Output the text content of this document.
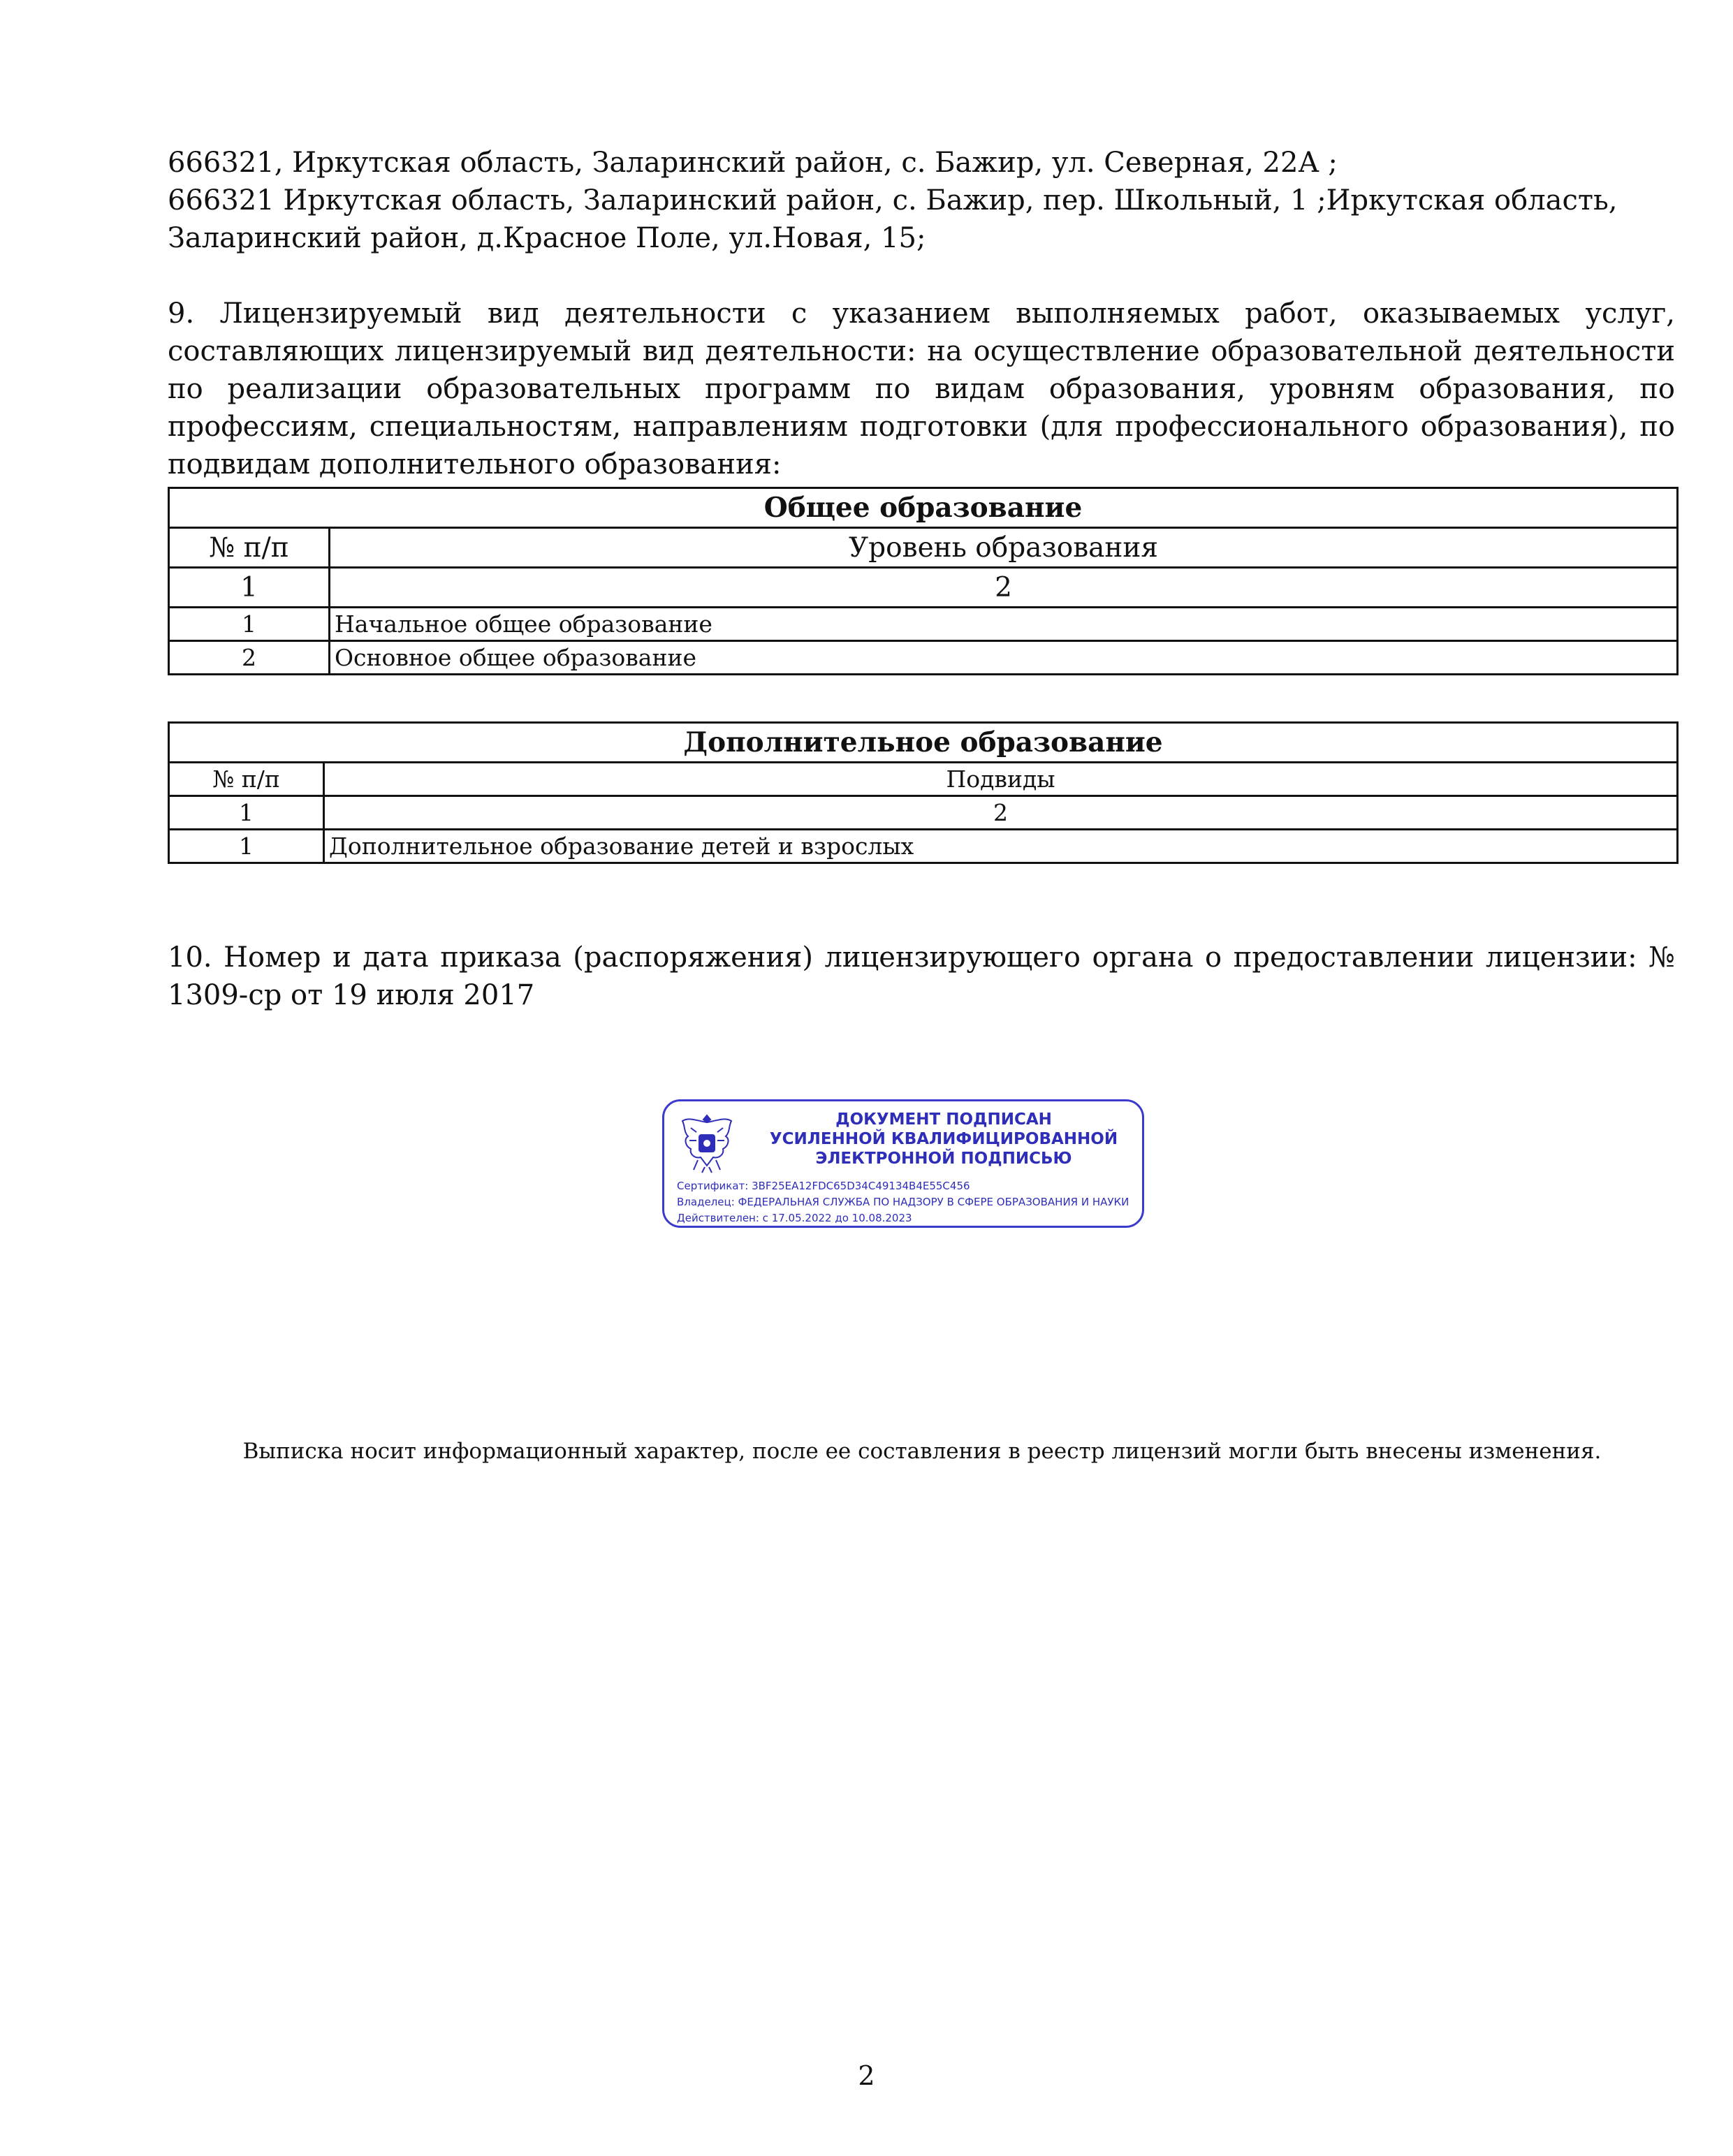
666321, Иркутская область, Заларинский район, с. Бажир, ул. Северная, 22А ;

666321 Иркутская область, Заларинский район, с. Бажир, пер. Школьный, 1 ;Иркутская область,

Заларинский район, д.Красное Поле, ул.Новая, 15;

9. Лицензируемый вид деятельности с указанием выполняемых работ, оказываемых услуг, составляющих лицензируемый вид деятельности: на осуществление образовательной деятельности по реализации образовательных программ по видам образования, уровням образования, по профессиям, специальностям, направлениям подготовки (для профессионального образования), по подвидам дополнительного образования:

Общее образование	
№ п/п	Уровень образования
1	2
1	Начальное общее образование
2	Основное общее образование
Дополнительное образование	
№ п/п	Подвиды
1	2
1	Дополнительное образование детей и взрослых

10. Номер и дата приказа (распоряжения) лицензирующего органа о предоставлении лицензии: № 1309-ср от 19 июля 2017

ДОКУМЕНТ ПОДПИСАН
УСИЛЕННОЙ КВАЛИФИЦИРОВАННОЙ
ЭЛЕКТРОННОЙ ПОДПИСЬЮ
Сертификат: 3BF25EA12FDC65D34C49134B4E55C456
Владелец: ФЕДЕРАЛЬНАЯ СЛУЖБА ПО НАДЗОРУ В СФЕРЕ ОБРАЗОВАНИЯ И НАУКИ
Действителен: с 17.05.2022 до 10.08.2023
Выписка носит информационный характер, после ее составления в реестр лицензий могли быть внесены изменения.
2
